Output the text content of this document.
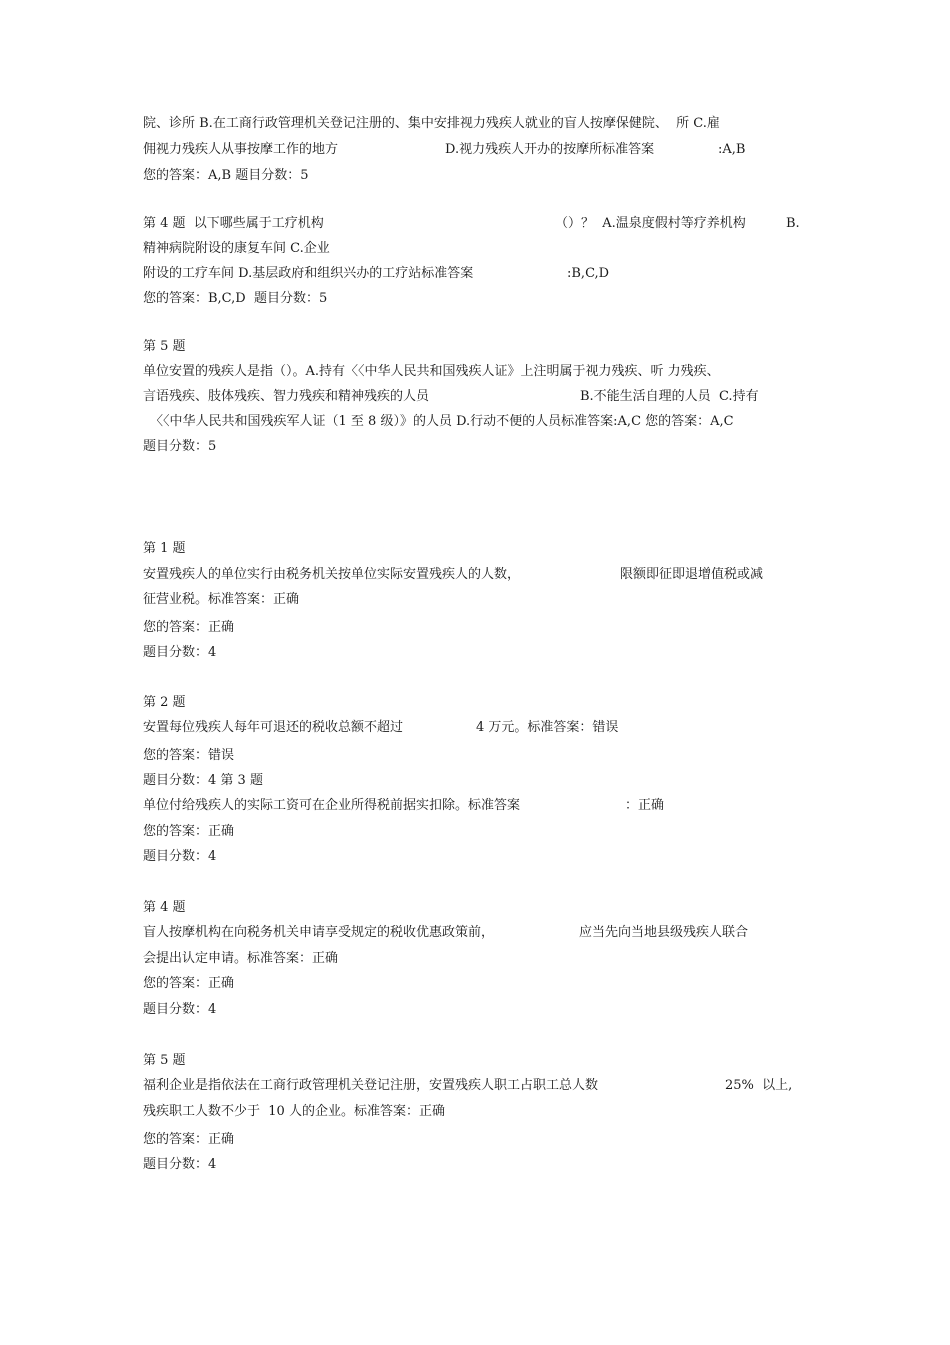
院、诊所 B.在工商行政管理机关登记注册的、集中安排视力残疾人就业的盲人按摩保健院、  所 C.雇

佣视力残疾人从事按摩工作的地方

	D.视力残疾人开办的按摩所标准答案

	:A,B

您的答案：A,B 题目分数：5

第 4 题  以下哪些属于工疗机构

	（）？  A.温泉度假村等疗养机构

	B.

精神病院附设的康复车间 C.企业

附设的工疗车间 D.基层政府和组织兴办的工疗站标准答案

	:B,C,D

您的答案：B,C,D  题目分数：5
第 5 题
单位安置的残疾人是指（）。A.持有〈〈中华人民共和国残疾人证》上注明属于视力残疾、听 力残疾、

言语残疾、肢体残疾、智力残疾和精神残疾的人员

	B.不能生活自理的人员  C.持有

〈〈中华人民共和国残疾军人证（1 至 8 级）》的人员 D.行动不便的人员标准答案:A,C 您的答案：A,C
题目分数：5
第 1 题

安置残疾人的单位实行由税务机关按单位实际安置残疾人的人数，

	限额即征即退增值税或减

征营业税。标准答案：正确
您的答案：正确
题目分数：4
第 2 题

安置每位残疾人每年可退还的税收总额不超过

	4 万元。标准答案：错误

您的答案：错误
题目分数：4 第 3 题

单位付给残疾人的实际工资可在企业所得税前据实扣除。标准答案

	：正确

您的答案：正确
题目分数：4
第 4 题

盲人按摩机构在向税务机关申请享受规定的税收优惠政策前，

	应当先向当地县级残疾人联合

会提出认定申请。标准答案：正确
您的答案：正确
题目分数：4
第 5 题

福利企业是指依法在工商行政管理机关登记注册，安置残疾人职工占职工总人数

	25%  以上,

残疾职工人数不少于  10 人的企业。标准答案：正确
您的答案：正确
题目分数：4
